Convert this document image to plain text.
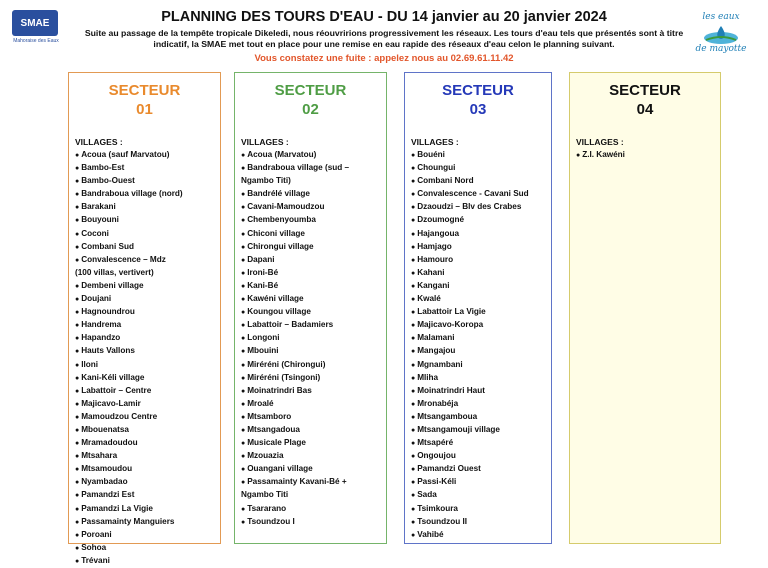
SMAE
Mahoraise des Eaux
PLANNING DES TOURS D'EAU - DU 14 janvier au 20 janvier 2024

Suite au passage de la tempête tropicale Dikeledi, nous réouvririons progressivement les réseaux. Les tours d'eau tels que présentés sont à titre indicatif, la SMAE met tout en place pour une remise en eau rapide des réseaux d'eau celon le planning suivant.

Vous constatez une fuite : appelez nous au 02.69.61.11.42
les eaux
de mayotte
SECTEUR
01
VILLAGES :
● Acoua (sauf Marvatou)
● Bambo-Est
● Bambo-Ouest
● Bandraboua village (nord)
● Barakani
● Bouyouni
● Coconi
● Combani Sud
● Convalescence – Mdz
(100 villas, vertivert)
● Dembeni village
● Doujani
● Hagnoundrou
● Handrema
● Hapandzo
● Hauts Vallons
● Iloni
● Kani-Kéli village
● Labattoir – Centre
● Majicavo-Lamir
● Mamoudzou Centre
● Mbouenatsa
● Mramadoudou
● Mtsahara
● Mtsamoudou
● Nyambadao
● Pamandzi Est
● Pamandzi La Vigie
● Passamainty Manguiers
● Poroani
● Sohoa
● Trévani
SECTEUR
02
VILLAGES :
● Acoua (Marvatou)
● Bandraboua village (sud –
Ngambo Titi)
● Bandrélé village
● Cavani-Mamoudzou
● Chembenyoumba
● Chiconi village
● Chirongui village
● Dapani
● Ironi-Bé
● Kani-Bé
● Kawéni village
● Koungou village
● Labattoir – Badamiers
● Longoni
● Mbouini
● Miréréni (Chirongui)
● Miréréni (Tsingoni)
● Moinatrindri Bas
● Mroalé
● Mtsamboro
● Mtsangadoua
● Musicale Plage
● Mzouazia
● Ouangani village
● Passamainty Kavani-Bé +
Ngambo Titi
● Tsararano
● Tsoundzou I
SECTEUR
03
VILLAGES :
● Bouéni
● Choungui
● Combani Nord
● Convalescence - Cavani Sud
● Dzaoudzi – Blv des Crabes
● Dzoumogné
● Hajangoua
● Hamjago
● Hamouro
● Kahani
● Kangani
● Kwalé
● Labattoir La Vigie
● Majicavo-Koropa
● Malamani
● Mangajou
● Mgnambani
● Mliha
● Moinatrindri Haut
● Mronabéja
● Mtsangamboua
● Mtsangamouji village
● Mtsapéré
● Ongoujou
● Pamandzi Ouest
● Passi-Kéli
● Sada
● Tsimkoura
● Tsoundzou II
● Vahibé
SECTEUR
04
VILLAGES :
● Z.I. Kawéni
